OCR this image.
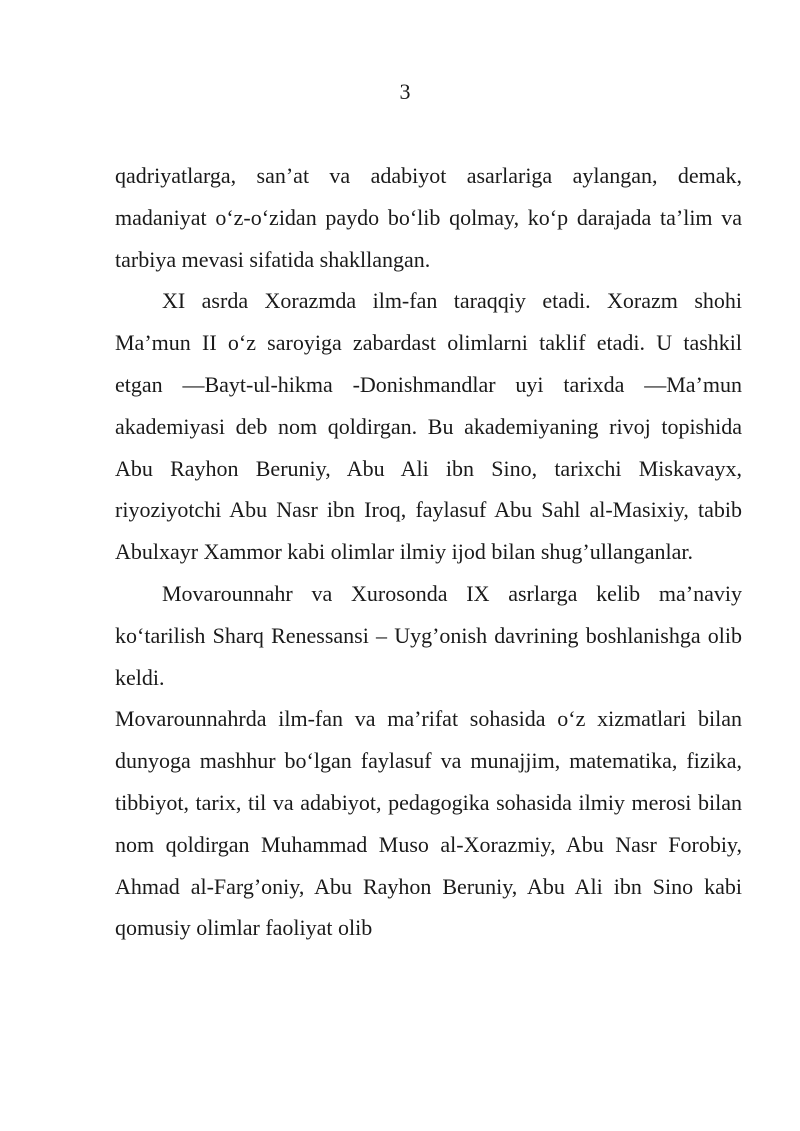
3

qadriyatlarga, san’at va adabiyot asarlariga aylangan, demak, madaniyat o‘z-o‘zidan paydo bo‘lib qolmay, ko‘p darajada ta’lim va tarbiya mevasi sifatida shakllangan.

XI asrda Xorazmda ilm-fan taraqqiy etadi. Xorazm shohi Ma’mun II o‘z saroyiga zabardast olimlarni taklif etadi. U tashkil etgan ―Bayt-ul-hikma -Donishmandlar uyi tarixda ―Ma’mun akademiyasi deb nom qoldirgan. Bu akademiyaning rivoj topishida Abu Rayhon Beruniy, Abu Ali ibn Sino, tarixchi Miskavayx, riyoziyotchi Abu Nasr ibn Iroq, faylasuf Abu Sahl al-Masixiy, tabib Abulxayr Xammor kabi olimlar ilmiy ijod bilan shug’ullanganlar.

Movarounnahr va Xurosonda IX asrlarga kelib ma’naviy ko‘tarilish Sharq Renessansi – Uyg’onish davrining boshlanishga olib keldi.

Movarounnahrda ilm-fan va ma’rifat sohasida o‘z xizmatlari bilan dunyoga mashhur bo‘lgan faylasuf va munajjim, matematika, fizika, tibbiyot, tarix, til va adabiyot, pedagogika sohasida ilmiy merosi bilan nom qoldirgan Muhammad Muso al-Xorazmiy, Abu Nasr Forobiy, Ahmad al-Farg’oniy, Abu Rayhon Beruniy, Abu Ali ibn Sino kabi qomusiy olimlar faoliyat olib
